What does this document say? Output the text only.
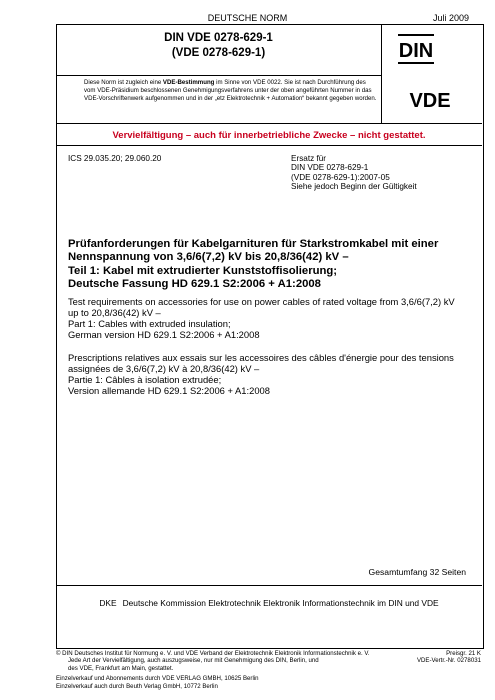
DEUTSCHE NORM	Juli 2009
DIN VDE 0278-629-1
(VDE 0278-629-1)	DIN
Diese Norm ist zugleich eine VDE-Bestimmung im Sinne von VDE 0022. Sie ist nach Durchführung des vom VDE-Präsidium beschlossenen Genehmigungsverfahrens unter der oben angeführten Nummer in das VDE-Vorschriftenwerk aufgenommen und in der „etz Elektrotechnik + Automation“ bekannt gegeben worden. VDE
Vervielfältigung – auch für innerbetriebliche Zwecke – nicht gestattet.
ICS 29.035.20; 29.060.20	Ersatz für
DIN VDE 0278-629-1
(VDE 0278-629-1):2007-05
Siehe jedoch Beginn der Gültigkeit
Prüfanforderungen für Kabelgarnituren für Starkstromkabel mit einer
Nennspannung von 3,6/6(7,2) kV bis 20,8/36(42) kV –
Teil 1: Kabel mit extrudierter Kunststoffisolierung;
Deutsche Fassung HD 629.1 S2:2006 + A1:2008
Test requirements on accessories for use on power cables of rated voltage from 3,6/6(7,2) kV
up to 20,8/36(42) kV –
Part 1: Cables with extruded insulation;
German version HD 629.1 S2:2006 + A1:2008
Prescriptions relatives aux essais sur les accessoires des câbles d'énergie pour des tensions
assignées de 3,6/6(7,2) kV à 20,8/36(42) kV –
Partie 1: Câbles à isolation extrudée;
Version allemande HD 629.1 S2:2006 + A1:2008
Gesamtumfang 32 Seiten
DKE Deutsche Kommission Elektrotechnik Elektronik Informationstechnik im DIN und VDE
© DIN Deutsches Institut für Normung e. V. und VDE Verband der Elektrotechnik Elektronik Informationstechnik e. V.
Jede Art der Vervielfältigung, auch auszugsweise, nur mit Genehmigung des DIN, Berlin, und
des VDE, Frankfurt am Main, gestattet.
Preisgr. 21 K
VDE-Vertr.-Nr. 0278031
Einzelverkauf und Abonnements durch VDE VERLAG GMBH, 10625 Berlin
Einzelverkauf auch durch Beuth Verlag GmbH, 10772 Berlin
